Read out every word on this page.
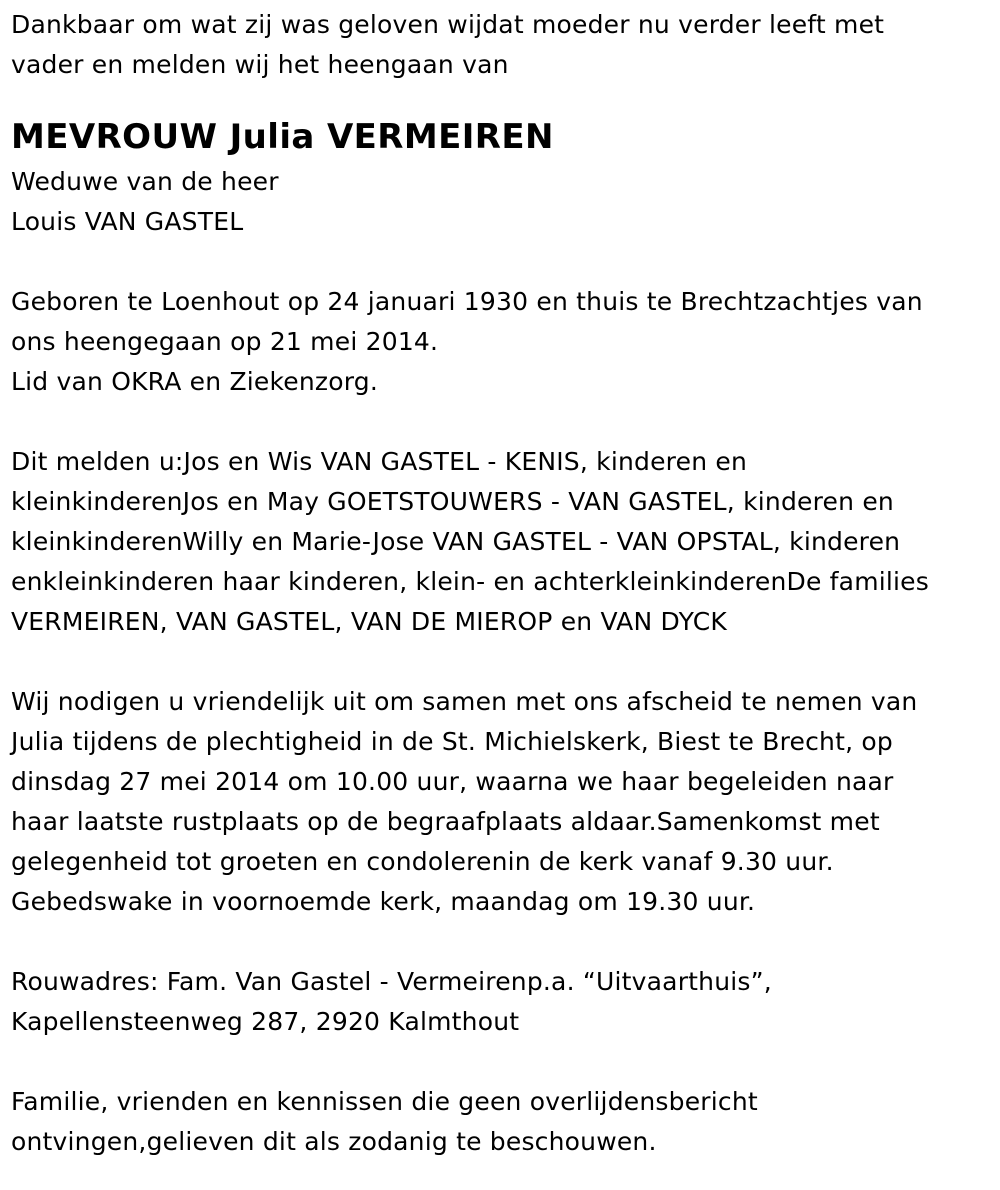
Dankbaar om wat zij was geloven wijdat moeder nu verder leeft met
vader en melden wij het heengaan van

MEVROUW Julia VERMEIREN

Weduwe van de heer
Louis VAN GASTEL

Geboren te Loenhout op 24 januari 1930 en thuis te Brechtzachtjes van
ons heengegaan op 21 mei 2014.
Lid van OKRA en Ziekenzorg.

Dit melden u:Jos en Wis VAN GASTEL - KENIS, kinderen en
kleinkinderenJos en May GOETSTOUWERS - VAN GASTEL, kinderen en
kleinkinderenWilly en Marie-Jose VAN GASTEL - VAN OPSTAL, kinderen
enkleinkinderen haar kinderen, klein- en achterkleinkinderenDe families
VERMEIREN, VAN GASTEL, VAN DE MIEROP en VAN DYCK

Wij nodigen u vriendelijk uit om samen met ons afscheid te nemen van
Julia tijdens de plechtigheid in de St. Michielskerk, Biest te Brecht, op
dinsdag 27 mei 2014 om 10.00 uur, waarna we haar begeleiden naar
haar laatste rustplaats op de begraafplaats aldaar.Samenkomst met
gelegenheid tot groeten en condolerenin de kerk vanaf 9.30 uur.
Gebedswake in voornoemde kerk, maandag om 19.30 uur.

Rouwadres: Fam. Van Gastel - Vermeirenp.a. “Uitvaarthuis”,
Kapellensteenweg 287, 2920 Kalmthout

Familie, vrienden en kennissen die geen overlijdensbericht
ontvingen,gelieven dit als zodanig te beschouwen.
